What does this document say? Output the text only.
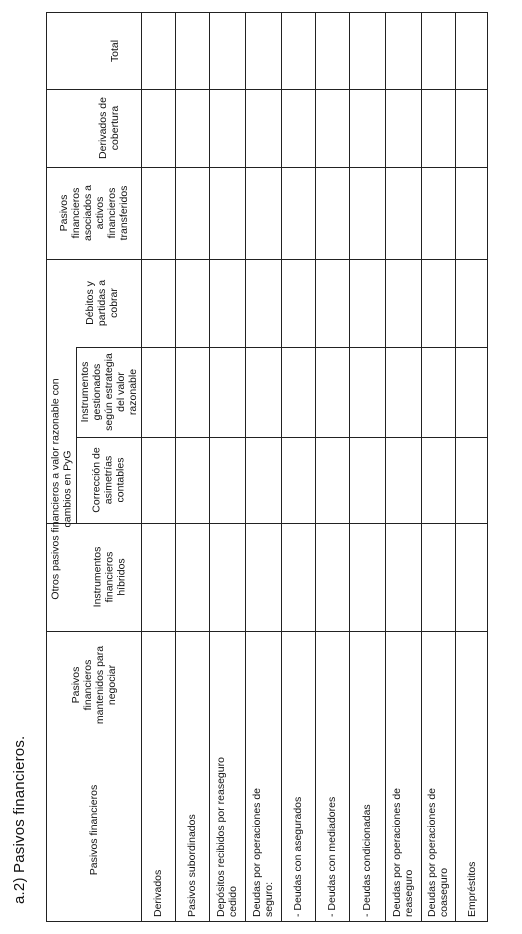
a.2) Pasivos financieros.
Total
Derivados de
cobertura
Pasivos
financieros
asociados a
activos
financieros
transferidos
Débitos y
partidas a
cobrar
Instrumentos
gestionados
según estrategia
del valor
razonable
Corrección de
asimetrías
contables
Instrumentos
financieros
híbridos
Otros pasivos financieros a valor razonable con
cambios en PyG
Pasivos
financieros
mantenidos para
negociar
Pasivos financieros
Derivados Pasivos subordinados Depósitos recibidos por reaseguro
cedido Deudas por operaciones de
seguro: - Deudas con asegurados - Deudas con mediadores - Deudas condicionadas Deudas por operaciones de
reaseguro Deudas por operaciones de
coaseguro Empréstitos
